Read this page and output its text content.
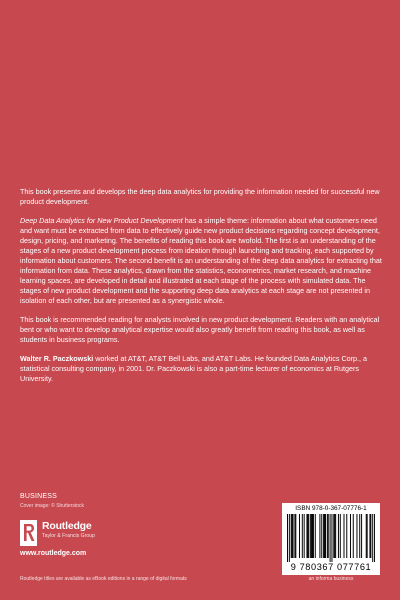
This book presents and develops the deep data analytics for providing the information needed for successful new product development.

Deep Data Analytics for New Product Development has a simple theme: information about what customers need and want must be extracted from data to effectively guide new product decisions regarding concept development, design, pricing, and marketing. The benefits of reading this book are twofold. The first is an understanding of the stages of a new product development process from ideation through launching and tracking, each supported by information about customers. The second benefit is an understanding of the deep data analytics for extracting that information from data. These analytics, drawn from the statistics, econometrics, market research, and machine learning spaces, are developed in detail and illustrated at each stage of the process with simulated data. The stages of new product development and the supporting deep data analytics at each stage are not presented in isolation of each other, but are presented as a synergistic whole.

This book is recommended reading for analysts involved in new product development. Readers with an analytical bent or who want to develop analytical expertise would also greatly benefit from reading this book, as well as students in business programs.

Walter R. Paczkowski worked at AT&T, AT&T Bell Labs, and AT&T Labs. He founded Data Analytics Corp., a statistical consulting company, in 2001. Dr. Paczkowski is also a part-time lecturer of economics at Rutgers University.

BUSINESS
Cover image: © Shutterstock
Routledge
Taylor & Francis Group
www.routledge.com
Routledge titles are available as eBook editions in a range of digital formats
ISBN 978-0-367-07776-1
9 780367 077761
an informa business
